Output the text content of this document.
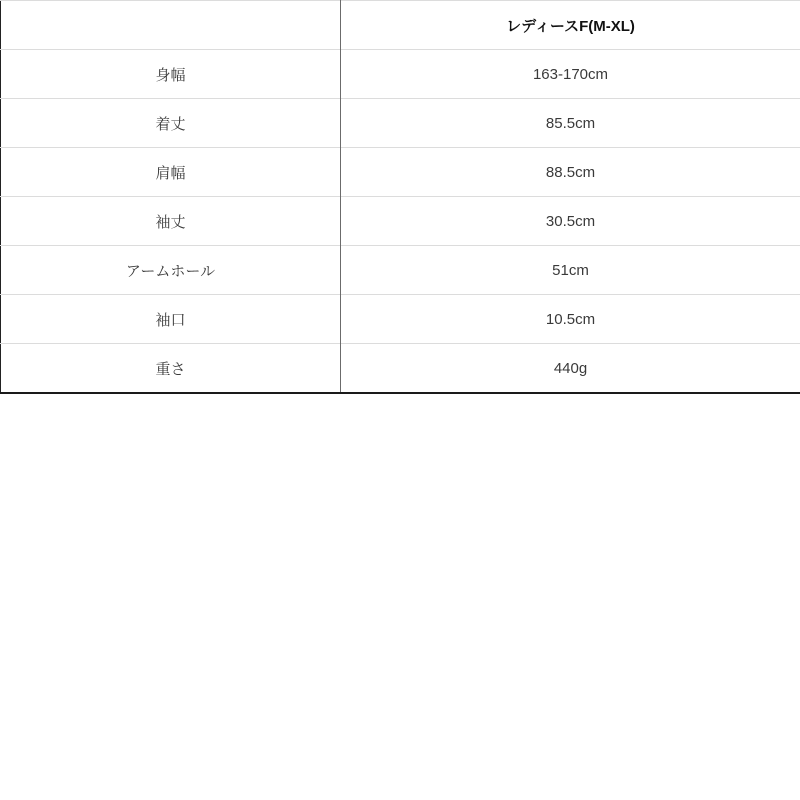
	レディースF(M-XL)
身幅	163-170cm
着丈	85.5cm
肩幅	88.5cm
袖丈	30.5cm
アームホール	51cm
袖口	10.5cm
重さ	440g
